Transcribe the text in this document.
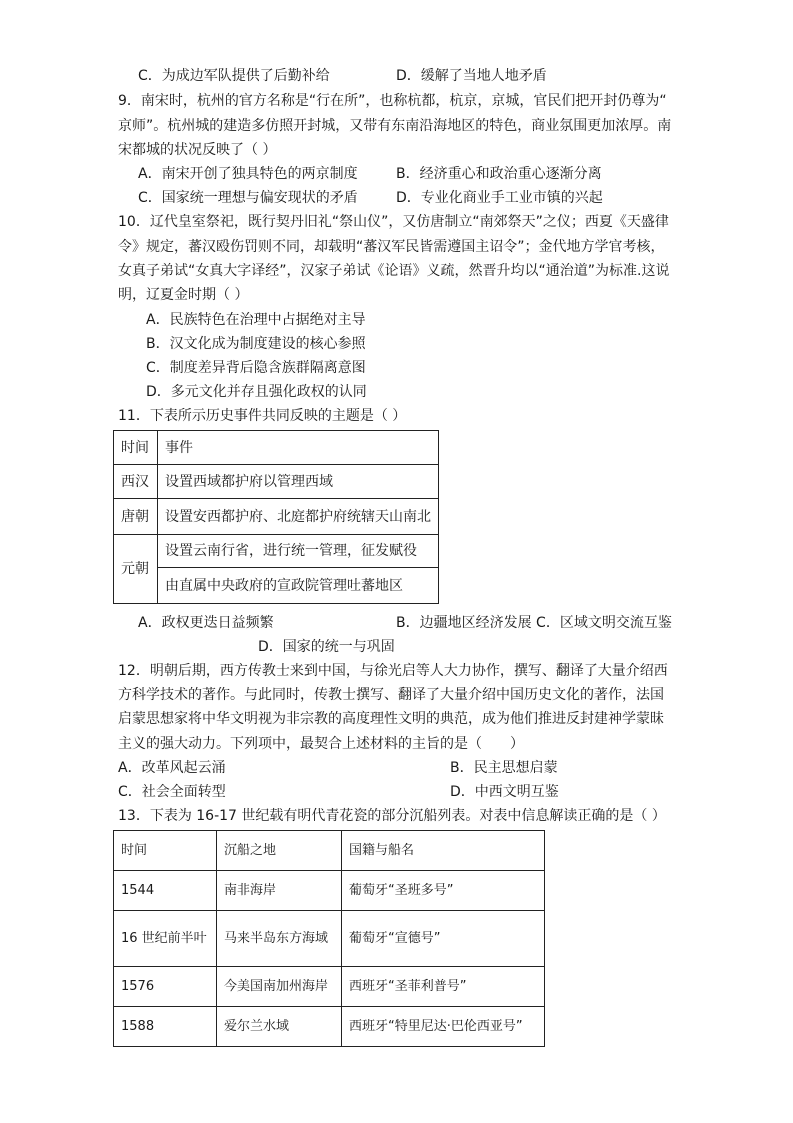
C．为成边军队提供了后勤补给	D．缓解了当地人地矛盾
9．南宋时，杭州的官方名称是“行在所”，也称杭都，杭京，京城，官民们把开封仍尊为“
京师”。杭州城的建造多仿照开封城，又带有东南沿海地区的特色，商业氛围更加浓厚。南
宋都城的状况反映了（ ）
A．南宋开创了独具特色的两京制度	B．经济重心和政治重心逐渐分离
C．国家统一理想与偏安现状的矛盾	D．专业化商业手工业市镇的兴起
10．辽代皇室祭祀，既行契丹旧礼“祭山仪”，又仿唐制立“南郊祭天”之仪；西夏《天盛律
令》规定，蕃汉殴伤罚则不同，却载明“蕃汉军民皆需遵国主诏令”；金代地方学官考核，
女真子弟试“女真大字译经”，汉家子弟试《论语》义疏，然晋升均以“通治道”为标准.这说
明，辽夏金时期（ ）
A．民族特色在治理中占据绝对主导
B．汉文化成为制度建设的核心参照
C．制度差异背后隐含族群隔离意图
D．多元文化并存且强化政权的认同
11．下表所示历史事件共同反映的主题是（ ）
时间	事件
西汉	设置西域都护府以管理西域
唐朝	设置安西都护府、北庭都护府统辖天山南北
元朝	设置云南行省，进行统一管理，征发赋役
	由直属中央政府的宣政院管理吐蕃地区
A．政权更迭日益频繁	B．边疆地区经济发展 C．区域文明交流互鉴
D．国家的统一与巩固
12．明朝后期，西方传教士来到中国，与徐光启等人大力协作，撰写、翻译了大量介绍西
方科学技术的著作。与此同时，传教士撰写、翻译了大量介绍中国历史文化的著作，法国
启蒙思想家将中华文明视为非宗教的高度理性文明的典范，成为他们推进反封建神学蒙昧
主义的强大动力。下列项中，最契合上述材料的主旨的是（　　）
A．改革风起云涌	B．民主思想启蒙
C．社会全面转型	D．中西文明互鉴
13．下表为 16-17 世纪载有明代青花瓷的部分沉船列表。对表中信息解读正确的是（ ）
时间	沉船之地	国籍与船名
1544	南非海岸	葡萄牙“圣班多号”
16 世纪前半叶	马来半岛东方海域	葡萄牙“宣德号”
1576	今美国南加州海岸	西班牙“圣菲利普号”
1588	爱尔兰水域	西班牙“特里尼达·巴伦西亚号”
